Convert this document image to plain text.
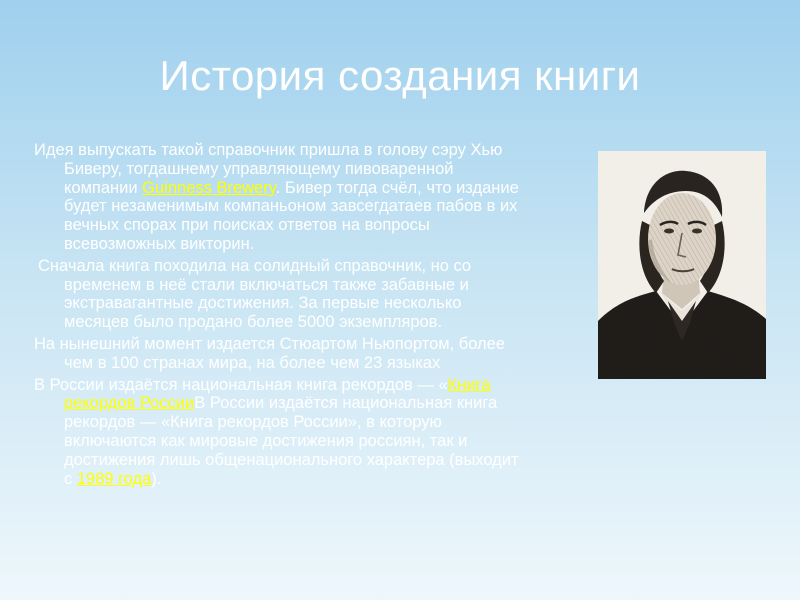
История создания книги

Идея выпускать такой справочник пришла в голову сэру Хью Биверу, тогдашнему управляющему пивоваренной компании Guinness Brewery. Бивер тогда счёл, что издание будет незаменимым компаньоном завсегдатаев пабов в их вечных спорах при поисках ответов на вопросы всевозможных викторин.

Сначала книга походила на солидный справочник, но со временем в неё стали включаться также забавные и экстравагантные достижения. За первые несколько месяцев было продано более 5000 экземпляров.

На нынешний момент издается Стюартом Ньюпортом, более чем в 100 странах мира, на более чем 23 языках

В России издаётся национальная книга рекордов — «Книга рекордов РоссииВ России издаётся национальная книга рекордов — «Книга рекордов России», в которую включаются как мировые достижения россиян, так и достижения лишь общенационального характера (выходит с 1989 года).
